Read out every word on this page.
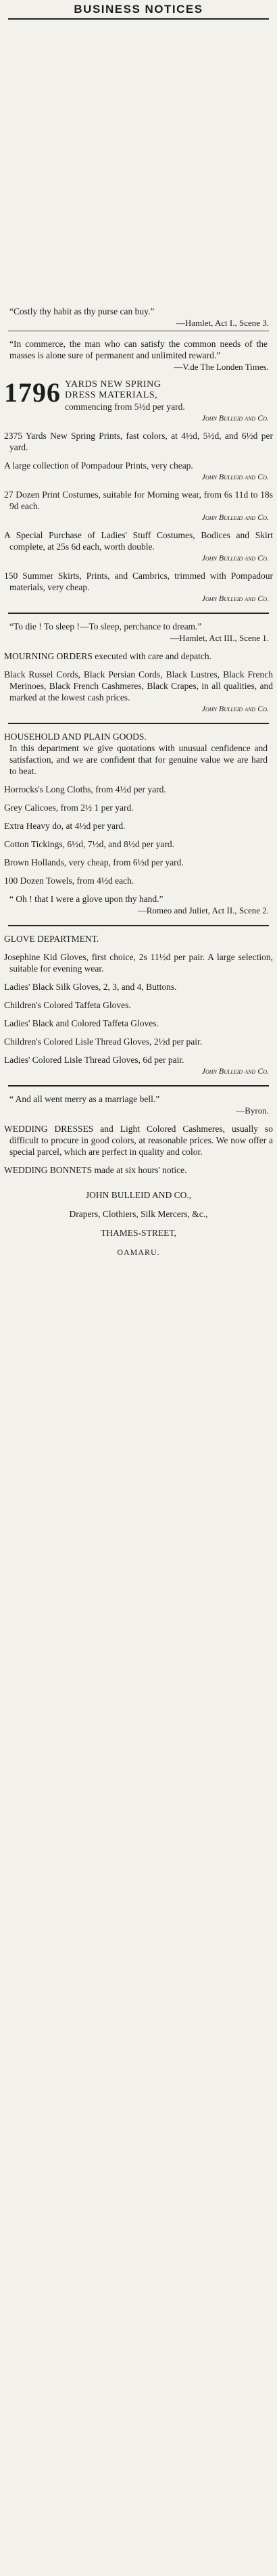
BUSINESS NOTICES

“Costly thy habit as thy purse can buy.”

—Hamlet, Act I., Scene 3.

“In commerce, the man who can satisfy the common needs of the masses is alone sure of permanent and unlimited reward.”

—V.de The Londen Times.
1796 YARDS NEW SPRING
DRESS MATERIALS,

commencing from 5½d per yard.

John Bulleid and Co.

2375 Yards New Spring Prints, fast colors, at 4½d, 5½d, and 6½d per yard.

A large collection of Pompadour Prints, very cheap.

John Bulleid and Co.

27 Dozen Print Costumes, suitable for Morning wear, from 6s 11d to 18s 9d each.

John Bulleid and Co.

A Special Purchase of Ladies' Stuff Costumes, Bodices and Skirt complete, at 25s 6d each, worth double.

John Bulleid and Co.

150 Summer Skirts, Prints, and Cambrics, trimmed with Pompadour materials, very cheap.

John Bulleid and Co.

“To die ! To sleep !—To sleep, perchance to dream.”

—Hamlet, Act III., Scene 1.

MOURNING ORDERS executed with care and depatch.

Black Russel Cords, Black Persian Cords, Black Lustres, Black French Merinoes, Black French Cashmeres, Black Crapes, in all qualities, and marked at the lowest cash prices.

John Bulleid and Co.

HOUSEHOLD AND PLAIN GOODS.

In this department we give quotations with unusual cenfidence and satisfaction, and we are confident that for genuine value we are hard to beat.

Horrocks's Long Cloths, from 4½d per yard.

Grey Calicoes, from 2½ 1 per yard.

Extra Heavy do, at 4½d per yard.

Cotton Tickings, 6½d, 7½d, and 8½d per yard.

Brown Hollands, very cheap, from 6½d per yard.

100 Dozen Towels, from 4½d each.

“ Oh ! that I were a glove upon thy hand.”

—Romeo and Juliet, Act II., Scene 2.

GLOVE DEPARTMENT.

Josephine Kid Gloves, first choice, 2s 11½d per pair. A large selection, suitable for evening wear.

Ladies' Black Silk Gloves, 2, 3, and 4, Buttons.

Children's Colored Taffeta Gloves.

Ladies' Black and Colored Taffeta Gloves.

Children's Colored Lisle Thread Gloves, 2½d per pair.

Ladies' Colored Lisle Thread Gloves, 6d per pair.

John Bulleid and Co.

“ And all went merry as a marriage bell.”

—Byron.

WEDDING DRESSES and Light Colored Cashmeres, usually so difficult to procure in good colors, at reasonable prices. We now offer a special parcel, which are perfect in quality and color.

WEDDING BONNETS made at six hours' notice.

JOHN BULLEID AND CO.,
Drapers, Clothiers, Silk Mercers, &c.,
THAMES-STREET,
OAMARU.
